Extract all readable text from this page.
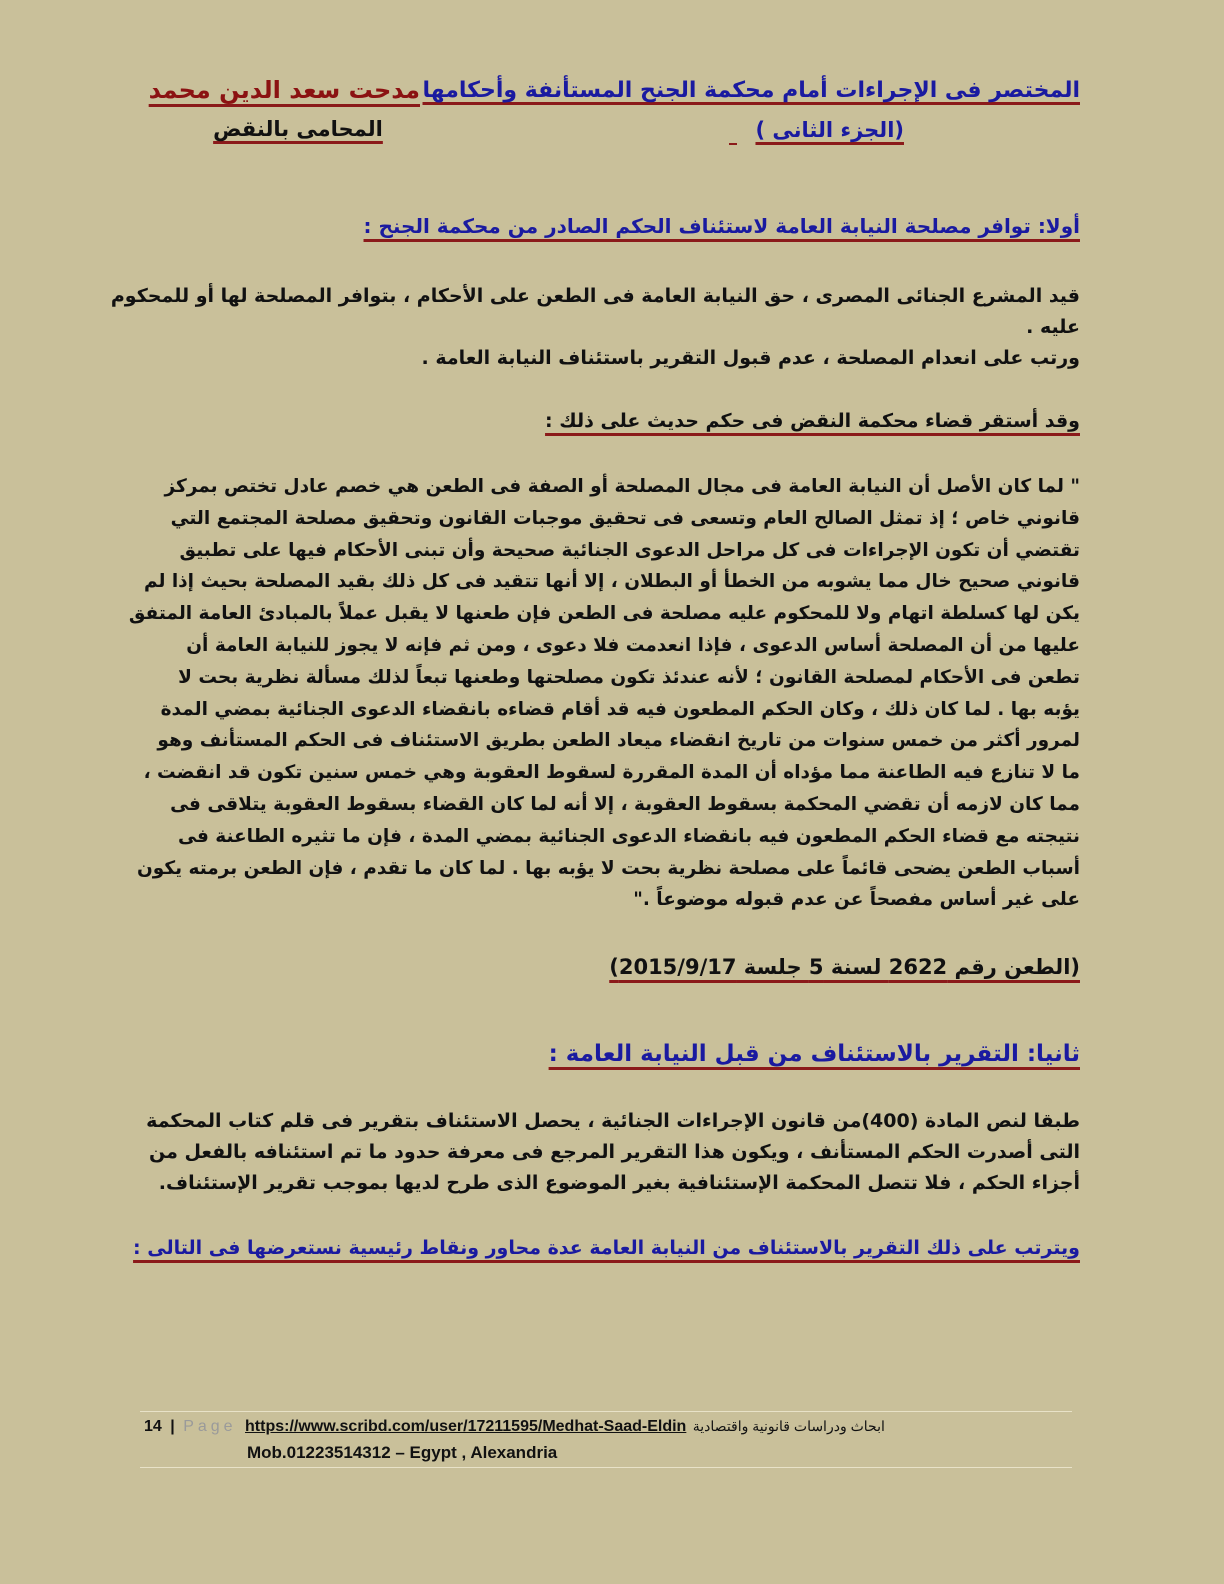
المختصر فى الإجراءات أمام محكمة الجنح المستأنفة وأحكامها
(الجزء الثانى )
مدحت سعد الدين محمد
المحامى بالنقض
أولا: توافر مصلحة النيابة العامة لاستئناف الحكم الصادر من محكمة الجنح :
قيد المشرع الجنائى المصرى ، حق النيابة العامة فى الطعن على الأحكام ، بتوافر المصلحة لها أو للمحكوم
عليه .
ورتب على انعدام المصلحة ، عدم قبول التقرير باستئناف النيابة العامة .
وقد أستقر قضاء محكمة النقض فى حكم حديث على ذلك :
" لما كان الأصل أن النيابة العامة فى مجال المصلحة أو الصفة فى الطعن هي خصم عادل تختص بمركز
قانوني خاص ؛ إذ تمثل الصالح العام وتسعى فى تحقيق موجبات القانون وتحقيق مصلحة المجتمع التي
تقتضي أن تكون الإجراءات فى كل مراحل الدعوى الجنائية صحيحة وأن تبنى الأحكام فيها على تطبيق
قانوني صحيح خال مما يشوبه من الخطأ أو البطلان ، إلا أنها تتقيد فى كل ذلك بقيد المصلحة بحيث إذا لم
يكن لها كسلطة اتهام ولا للمحكوم عليه مصلحة فى الطعن فإن طعنها لا يقبل عملاً بالمبادئ العامة المتفق
عليها من أن المصلحة أساس الدعوى ، فإذا انعدمت فلا دعوى ، ومن ثم فإنه لا يجوز للنيابة العامة أن
تطعن فى الأحكام لمصلحة القانون ؛ لأنه عندئذ تكون مصلحتها وطعنها تبعاً لذلك مسألة نظرية بحت لا
يؤبه بها . لما كان ذلك ، وكان الحكم المطعون فيه قد أقام قضاءه بانقضاء الدعوى الجنائية بمضي المدة
لمرور أكثر من خمس سنوات من تاريخ انقضاء ميعاد الطعن بطريق الاستئناف فى الحكم المستأنف وهو
ما لا تنازع فيه الطاعنة مما مؤداه أن المدة المقررة لسقوط العقوبة وهي خمس سنين تكون قد انقضت ،
مما كان لازمه أن تقضي المحكمة بسقوط العقوبة ، إلا أنه لما كان القضاء بسقوط العقوبة يتلاقى فى
نتيجته مع قضاء الحكم المطعون فيه بانقضاء الدعوى الجنائية بمضي المدة ، فإن ما تثيره الطاعنة فى
أسباب الطعن يضحى قائماً على مصلحة نظرية بحت لا يؤبه بها . لما كان ما تقدم ، فإن الطعن برمته يكون
على غير أساس مفصحاً عن عدم قبوله موضوعاً ."
(الطعن رقم 2622 لسنة 5 جلسة 2015/9/17)
ثانيا: التقرير بالاستئناف من قبل النيابة العامة :
طبقا لنص المادة (400)من قانون الإجراءات الجنائية ، يحصل الاستئناف بتقرير فى قلم كتاب المحكمة
التى أصدرت الحكم المستأنف ، ويكون هذا التقرير المرجع فى معرفة حدود ما تم استئنافه بالفعل من
أجزاء الحكم ، فلا تتصل المحكمة الإستئنافية بغير الموضوع الذى طرح لديها بموجب تقرير الإستئناف.
ويترتب على ذلك التقرير بالاستئناف من النيابة العامة عدة محاور ونقاط رئيسية نستعرضها فى التالى :
14 | Page https://www.scribd.com/user/17211595/Medhat-Saad-Eldin ابحاث ودراسات قانونية واقتصادية
Mob.01223514312 – Egypt , Alexandria
